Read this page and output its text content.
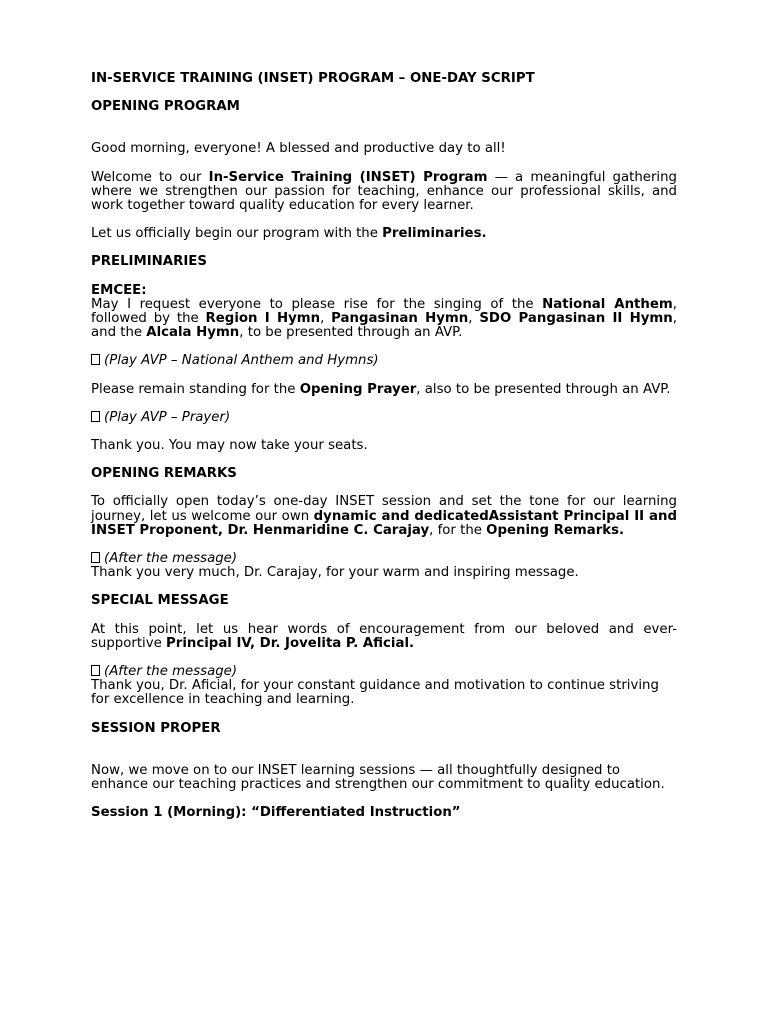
IN-SERVICE TRAINING (INSET) PROGRAM – ONE-DAY SCRIPT
OPENING PROGRAM
Good morning, everyone! A blessed and productive day to all!
Welcome to our In-Service Training (INSET) Program — a meaningful gathering where we strengthen our passion for teaching, enhance our professional skills, and work together toward quality education for every learner.
Let us officially begin our program with the Preliminaries.
PRELIMINARIES
EMCEE:
May I request everyone to please rise for the singing of the National Anthem, followed by the Region I Hymn, Pangasinan Hymn, SDO Pangasinan II Hymn, and the Alcala Hymn, to be presented through an AVP.
(Play AVP – National Anthem and Hymns)
Please remain standing for the Opening Prayer, also to be presented through an AVP.
(Play AVP – Prayer)
Thank you. You may now take your seats.
OPENING REMARKS
To officially open today’s one-day INSET session and set the tone for our learning journey, let us welcome our own dynamic and dedicatedAssistant Principal II and INSET Proponent, Dr. Henmaridine C. Carajay, for the Opening Remarks.
(After the message)
Thank you very much, Dr. Carajay, for your warm and inspiring message.
SPECIAL MESSAGE
At this point, let us hear words of encouragement from our beloved and ever-supportive Principal IV, Dr. Jovelita P. Aficial.
(After the message)
Thank you, Dr. Aficial, for your constant guidance and motivation to continue striving for excellence in teaching and learning.
SESSION PROPER
Now, we move on to our INSET learning sessions — all thoughtfully designed to enhance our teaching practices and strengthen our commitment to quality education.
Session 1 (Morning): “Differentiated Instruction”
